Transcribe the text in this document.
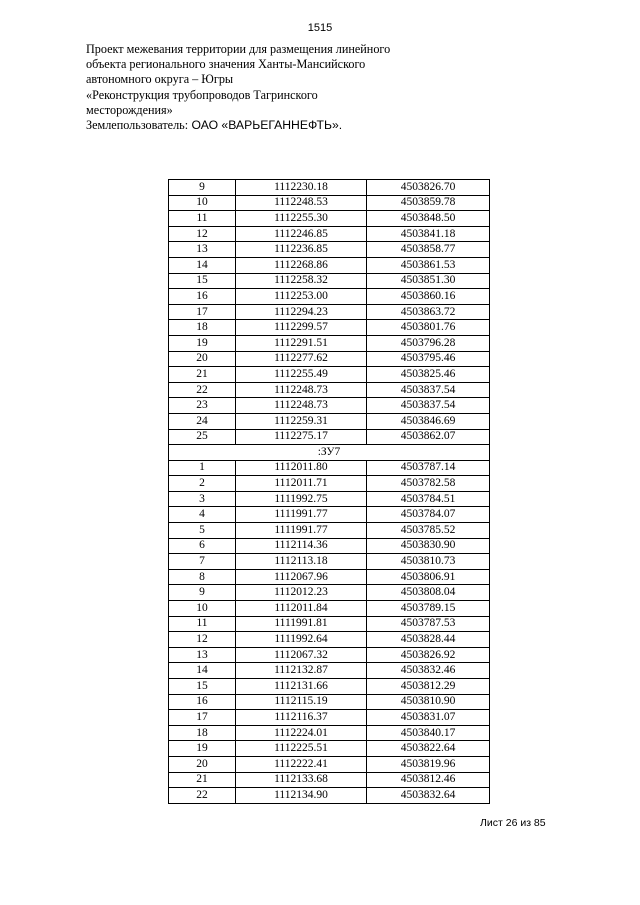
1515
Проект межевания территории для размещения линейного
объекта регионального значения Ханты-Мансийского
автономного округа – Югры
«Реконструкция трубопроводов Тагринского
месторождения»
Землепользователь: ОАО «ВАРЬЕГАННЕФТЬ».
9	1112230.18	4503826.70
10	1112248.53	4503859.78
11	1112255.30	4503848.50
12	1112246.85	4503841.18
13	1112236.85	4503858.77
14	1112268.86	4503861.53
15	1112258.32	4503851.30
16	1112253.00	4503860.16
17	1112294.23	4503863.72
18	1112299.57	4503801.76
19	1112291.51	4503796.28
20	1112277.62	4503795.46
21	1112255.49	4503825.46
22	1112248.73	4503837.54
23	1112248.73	4503837.54
24	1112259.31	4503846.69
25	1112275.17	4503862.07
:ЗУ7		
1	1112011.80	4503787.14
2	1112011.71	4503782.58
3	1111992.75	4503784.51
4	1111991.77	4503784.07
5	1111991.77	4503785.52
6	1112114.36	4503830.90
7	1112113.18	4503810.73
8	1112067.96	4503806.91
9	1112012.23	4503808.04
10	1112011.84	4503789.15
11	1111991.81	4503787.53
12	1111992.64	4503828.44
13	1112067.32	4503826.92
14	1112132.87	4503832.46
15	1112131.66	4503812.29
16	1112115.19	4503810.90
17	1112116.37	4503831.07
18	1112224.01	4503840.17
19	1112225.51	4503822.64
20	1112222.41	4503819.96
21	1112133.68	4503812.46
22	1112134.90	4503832.64
Лист 26 из 85
